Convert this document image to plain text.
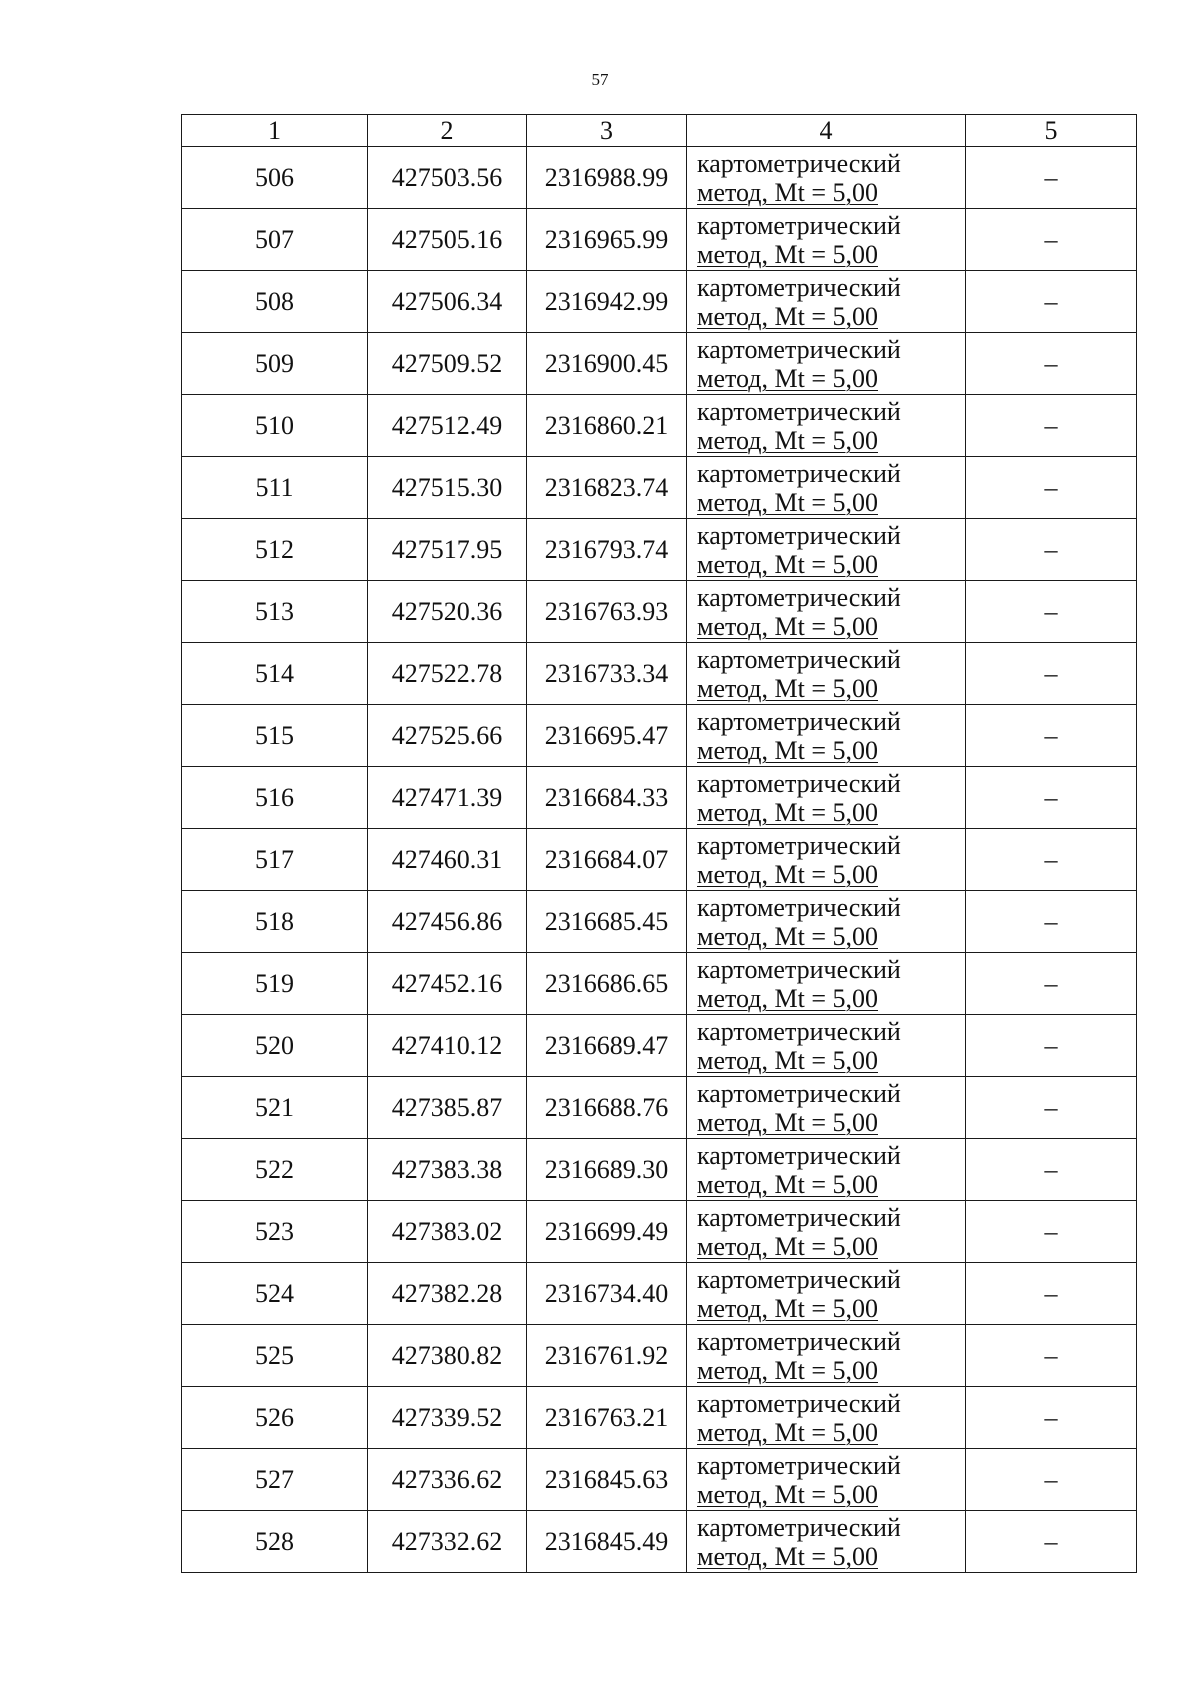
57
1	2	3	4	5
506	427503.56	2316988.99	картометрический
метод, Mt = 5,00	–
507	427505.16	2316965.99	картометрический
метод, Mt = 5,00	–
508	427506.34	2316942.99	картометрический
метод, Mt = 5,00	–
509	427509.52	2316900.45	картометрический
метод, Mt = 5,00	–
510	427512.49	2316860.21	картометрический
метод, Mt = 5,00	–
511	427515.30	2316823.74	картометрический
метод, Mt = 5,00	–
512	427517.95	2316793.74	картометрический
метод, Mt = 5,00	–
513	427520.36	2316763.93	картометрический
метод, Mt = 5,00	–
514	427522.78	2316733.34	картометрический
метод, Mt = 5,00	–
515	427525.66	2316695.47	картометрический
метод, Mt = 5,00	–
516	427471.39	2316684.33	картометрический
метод, Mt = 5,00	–
517	427460.31	2316684.07	картометрический
метод, Mt = 5,00	–
518	427456.86	2316685.45	картометрический
метод, Mt = 5,00	–
519	427452.16	2316686.65	картометрический
метод, Mt = 5,00	–
520	427410.12	2316689.47	картометрический
метод, Mt = 5,00	–
521	427385.87	2316688.76	картометрический
метод, Mt = 5,00	–
522	427383.38	2316689.30	картометрический
метод, Mt = 5,00	–
523	427383.02	2316699.49	картометрический
метод, Mt = 5,00	–
524	427382.28	2316734.40	картометрический
метод, Mt = 5,00	–
525	427380.82	2316761.92	картометрический
метод, Mt = 5,00	–
526	427339.52	2316763.21	картометрический
метод, Mt = 5,00	–
527	427336.62	2316845.63	картометрический
метод, Mt = 5,00	–
528	427332.62	2316845.49	картометрический
метод, Mt = 5,00	–
